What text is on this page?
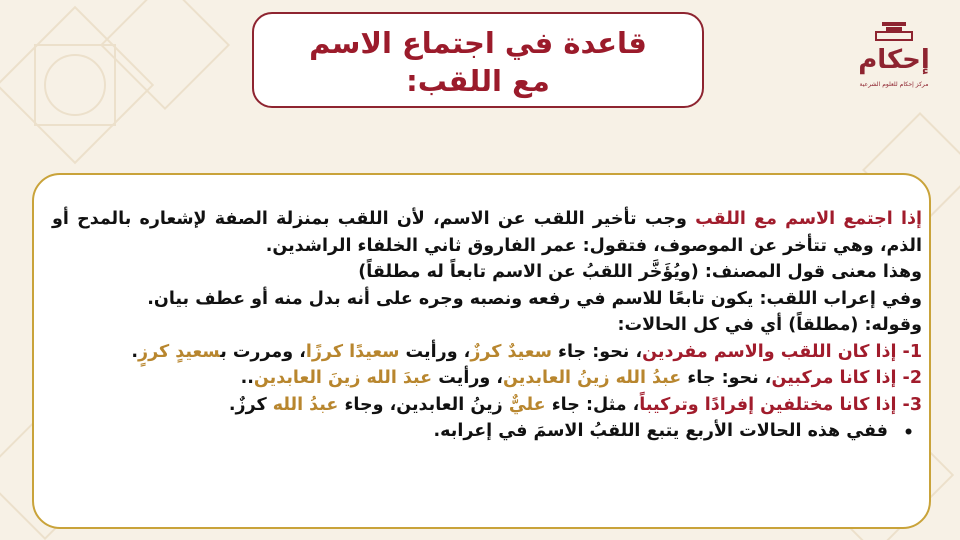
قاعدة في اجتماع الاسم
مع اللقب:
إحكام
مركز إحكام للعلوم الشرعية

إذا اجتمع الاسم مع اللقب وجب تأخير اللقب عن الاسم، لأن اللقب بمنزلة الصفة لإشعاره بالمدح أو الذم، وهي تتأخر عن الموصوف، فتقول: عمر الفاروق ثاني الخلفاء الراشدين.

وهذا معنى قول المصنف: (ويُؤَخَّر اللقبُ عن الاسم تابعاً له مطلقاً)

وفي إعراب اللقب: يكون تابعًا للاسم في رفعه ونصبه وجره على أنه بدل منه أو عطف بيان.

وقوله: (مطلقاً) أي في كل الحالات:

1- إذا كان اللقب والاسم مفردين، نحو: جاء سعيدٌ كرزٌ، ورأيت سعيدًا كرزًا، ومررت بسعيدٍ كرزٍ.

2- إذا كانا مركبين، نحو: جاء عبدُ الله زينُ العابدين، ورأيت عبدَ الله زينَ العابدين..

3- إذا كانا مختلفين إفرادًا وتركيباً، مثل: جاء عليٌّ زينُ العابدين، وجاء عبدُ الله كرزٌ.

•
ففي هذه الحالات الأربع يتبع اللقبُ الاسمَ في إعرابه.
